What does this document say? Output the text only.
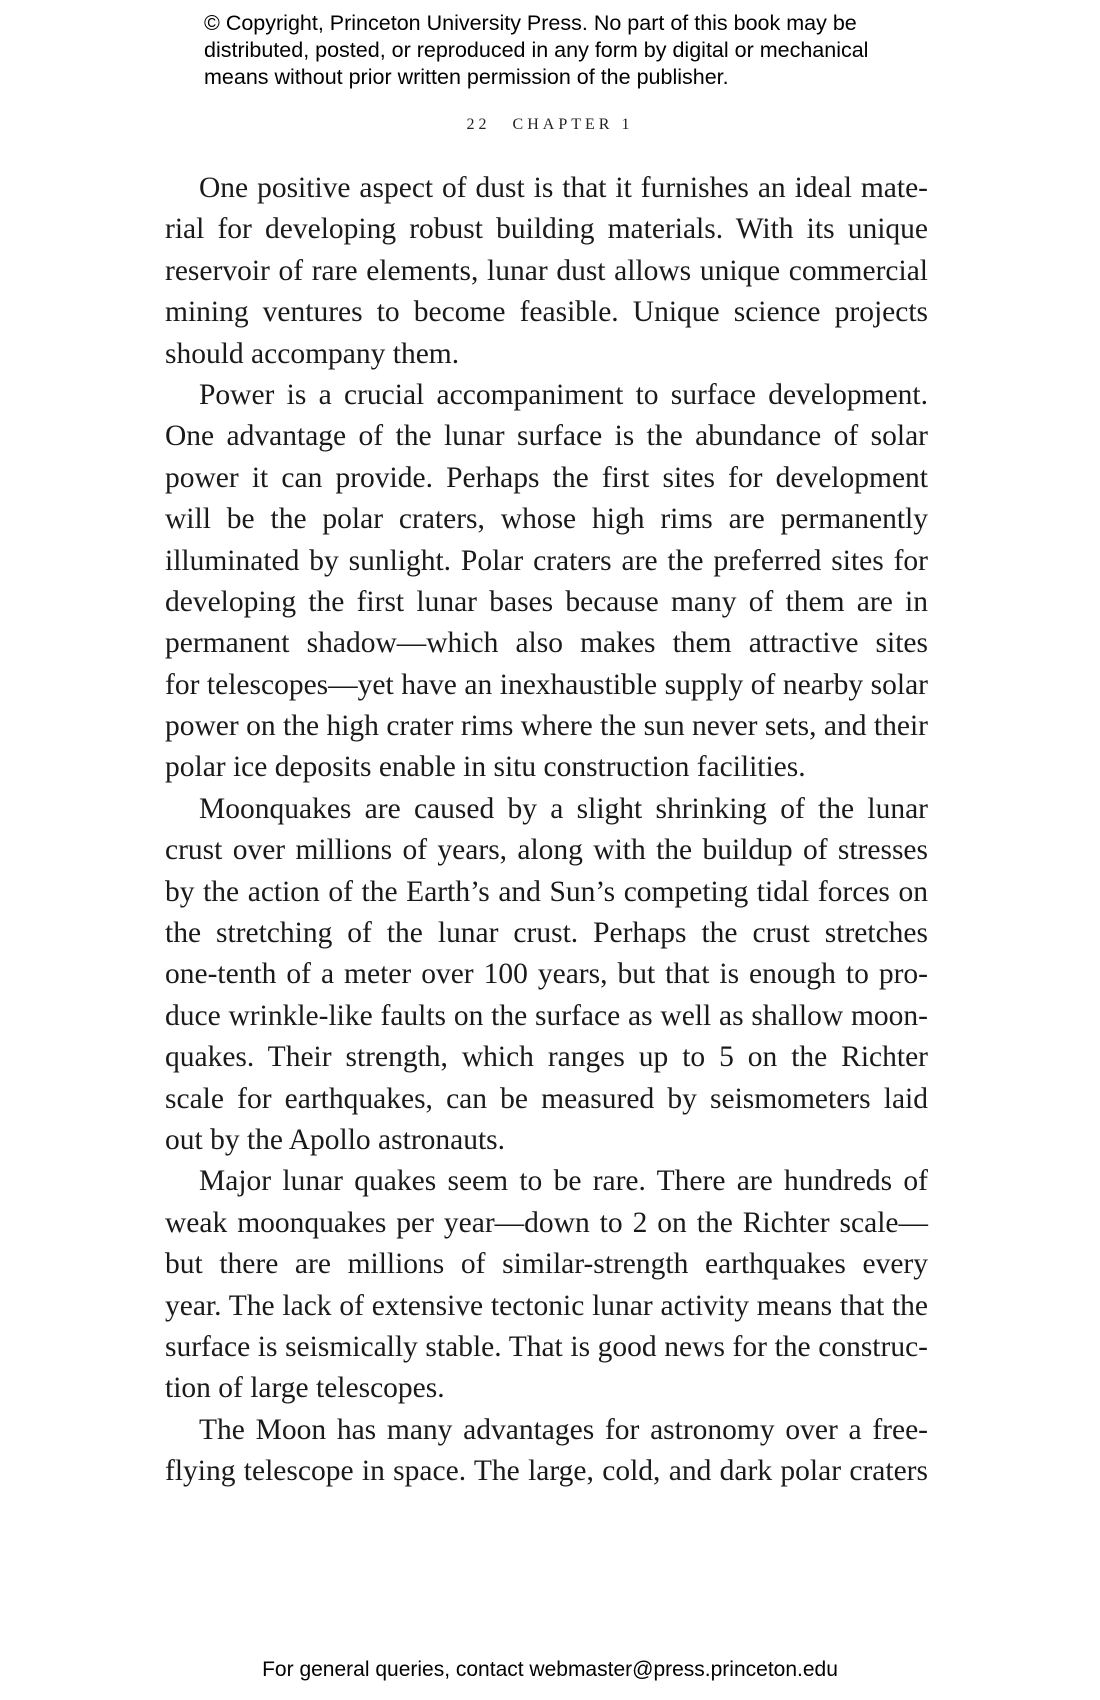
© Copyright, Princeton University Press. No part of this book may be
distributed, posted, or reproduced in any form by digital or mechanical
means without prior written permission of the publisher.
22 CHAPTER 1
One positive aspect of dust is that it furnishes an ideal mate-
rial for developing robust building materials. With its unique
reservoir of rare elements, lunar dust allows unique commercial
mining ventures to become feasible. Unique science projects
should accompany them.
Power is a crucial accompaniment to surface development.
One advantage of the lunar surface is the abundance of solar
power it can provide. Perhaps the first sites for development
will be the polar craters, whose high rims are permanently
illuminated by sunlight. Polar craters are the preferred sites for
developing the first lunar bases because many of them are in
permanent shadow—which also makes them attractive sites
for telescopes—yet have an inexhaustible supply of nearby solar
power on the high crater rims where the sun never sets, and their
polar ice deposits enable in situ construction facilities.
Moonquakes are caused by a slight shrinking of the lunar
crust over millions of years, along with the buildup of stresses
by the action of the Earth’s and Sun’s competing tidal forces on
the stretching of the lunar crust. Perhaps the crust stretches
one-tenth of a meter over 100 years, but that is enough to pro-
duce wrinkle-like faults on the surface as well as shallow moon-
quakes. Their strength, which ranges up to 5 on the Richter
scale for earthquakes, can be measured by seismometers laid
out by the Apollo astronauts.
Major lunar quakes seem to be rare. There are hundreds of
weak moonquakes per year—down to 2 on the Richter scale—
but there are millions of similar-strength earthquakes every
year. The lack of extensive tectonic lunar activity means that the
surface is seismically stable. That is good news for the construc-
tion of large telescopes.
The Moon has many advantages for astronomy over a free-
flying telescope in space. The large, cold, and dark polar craters
For general queries, contact webmaster@press.princeton.edu
